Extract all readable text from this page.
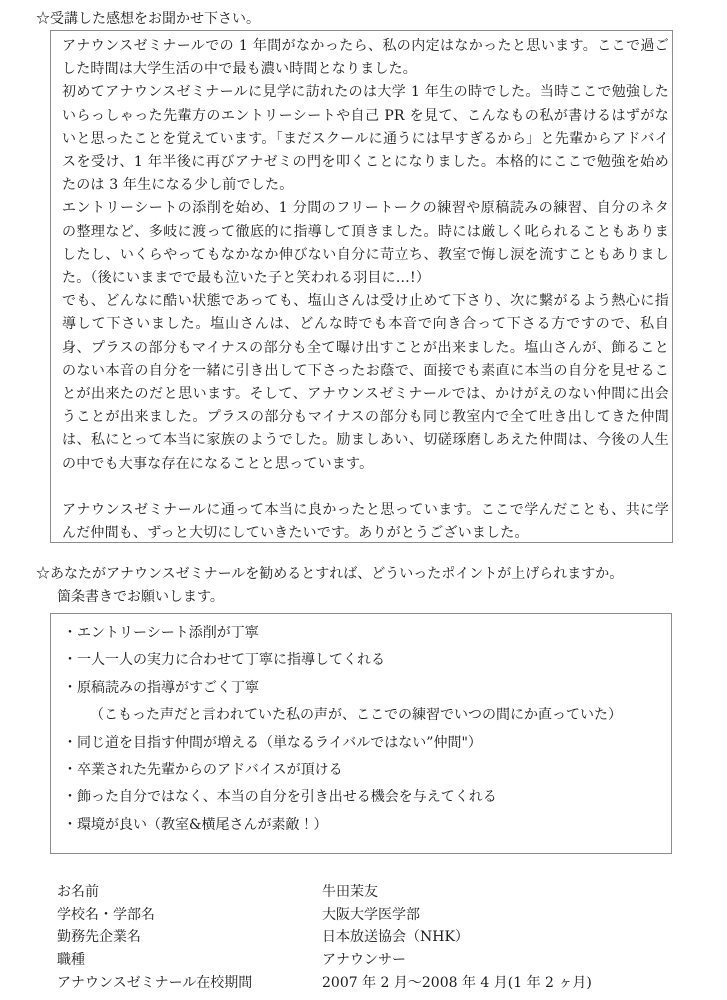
☆受講した感想をお聞かせ下さい。
アナウンスゼミナールでの 1 年間がなかったら、私の内定はなかったと思います。ここで過ごした時間は大学生活の中で最も濃い時間となりました。
初めてアナウンスゼミナールに見学に訪れたのは大学 1 年生の時でした。当時ここで勉強したいらっしゃった先輩方のエントリーシートや自己 PR を見て、こんなもの私が書けるはずがないと思ったことを覚えています。「まだスクールに通うには早すぎるから」と先輩からアドバイスを受け、1 年半後に再びアナゼミの門を叩くことになりました。本格的にここで勉強を始めたのは 3 年生になる少し前でした。
エントリーシートの添削を始め、1 分間のフリートークの練習や原稿読みの練習、自分のネタの整理など、多岐に渡って徹底的に指導して頂きました。時には厳しく叱られることもありましたし、いくらやってもなかなか伸びない自分に苛立ち、教室で悔し涙を流すこともありました。（後にいままでで最も泣いた子と笑われる羽目に…!）
でも、どんなに酷い状態であっても、塩山さんは受け止めて下さり、次に繋がるよう熱心に指導して下さいました。塩山さんは、どんな時でも本音で向き合って下さる方ですので、私自身、プラスの部分もマイナスの部分も全て曝け出すことが出来ました。塩山さんが、飾ることのない本音の自分を一緒に引き出して下さったお蔭で、面接でも素直に本当の自分を見せることが出来たのだと思います。そして、アナウンスゼミナールでは、かけがえのない仲間に出会うことが出来ました。プラスの部分もマイナスの部分も同じ教室内で全て吐き出してきた仲間は、私にとって本当に家族のようでした。励ましあい、切磋琢磨しあえた仲間は、今後の人生の中でも大事な存在になることと思っています。
アナウンスゼミナールに通って本当に良かったと思っています。ここで学んだことも、共に学んだ仲間も、ずっと大切にしていきたいです。ありがとうございました。
☆あなたがアナウンスゼミナールを勧めるとすれば、どういったポイントが上げられますか。
箇条書きでお願いします。
・エントリーシート添削が丁寧
・一人一人の実力に合わせて丁寧に指導してくれる
・原稿読みの指導がすごく丁寧
（こもった声だと言われていた私の声が、ここでの練習でいつの間にか直っていた）
・同じ道を目指す仲間が増える（単なるライバルではない”仲間"）
・卒業された先輩からのアドバイスが頂ける
・飾った自分ではなく、本当の自分を引き出せる機会を与えてくれる
・環境が良い（教室&横尾さんが素敵！）
お名前	牛田茉友
学校名・学部名	大阪大学医学部
勤務先企業名	日本放送協会（NHK）
職種	アナウンサー
アナウンスゼミナール在校期間	2007 年 2 月～2008 年 4 月(1 年 2 ヶ月)
